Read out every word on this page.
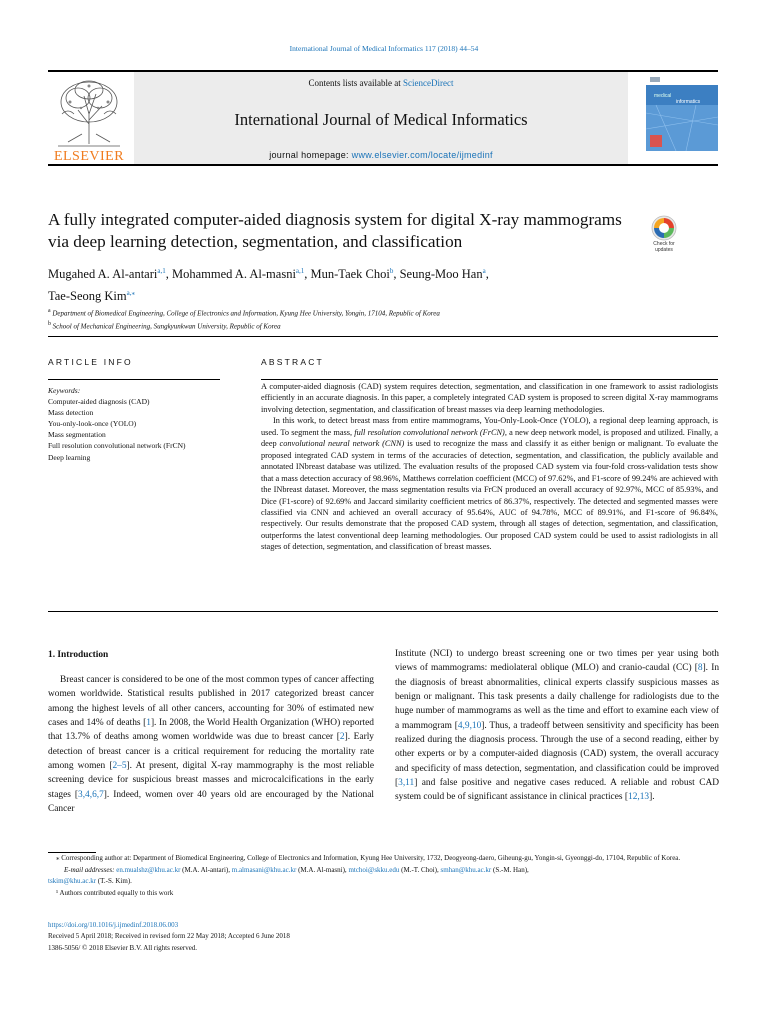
International Journal of Medical Informatics 117 (2018) 44–54
Contents lists available at ScienceDirect
International Journal of Medical Informatics
journal homepage: www.elsevier.com/locate/ijmedinf
ELSEVIER
medical
informatics
A fully integrated computer-aided diagnosis system for digital X-ray mammograms via deep learning detection, segmentation, and classification	Check for
updates
Mugahed A. Al-antari$^{a,1}$, Mohammed A. Al-masni$^{a,1}$, Mun-Taek Choi$^b$, Seung-Moo Han$^a$,
Tae-Seong Kim$^{a,⁎}$
$^a$ Department of Biomedical Engineering, College of Electronics and Information, Kyung Hee University, Yongin, 17104, Republic of Korea
$^b$ School of Mechanical Engineering, Sungkyunkwan University, Republic of Korea
ARTICLE INFO	ABSTRACT
Keywords:
Computer-aided diagnosis (CAD)
Mass detection
You-only-look-once (YOLO)
Mass segmentation
Full resolution convolutional network (FrCN)
Deep learning

A computer-aided diagnosis (CAD) system requires detection, segmentation, and classification in one framework to assist radiologists efficiently in an accurate diagnosis. In this paper, a completely integrated CAD system is proposed to screen digital X-ray mammograms involving detection, segmentation, and classification of breast masses via deep learning methodologies.

In this work, to detect breast mass from entire mammograms, You-Only-Look-Once (YOLO), a regional deep learning approach, is used. To segment the mass, full resolution convolutional network (FrCN), a new deep network model, is proposed and utilized. Finally, a deep convolutional neural network (CNN) is used to recognize the mass and classify it as either benign or malignant. To evaluate the proposed integrated CAD system in terms of the accuracies of detection, segmentation, and classification, the publicly available and annotated INbreast database was utilized. The evaluation results of the proposed CAD system via four-fold cross-validation tests show that a mass detection accuracy of 98.96%, Matthews correlation coefficient (MCC) of 97.62%, and F1-score of 99.24% are achieved with the INbreast dataset. Moreover, the mass segmentation results via FrCN produced an overall accuracy of 92.97%, MCC of 85.93%, and Dice (F1-score) of 92.69% and Jaccard similarity coefficient metrics of 86.37%, respectively. The detected and segmented masses were classified via CNN and achieved an overall accuracy of 95.64%, AUC of 94.78%, MCC of 89.91%, and F1-score of 96.84%, respectively. Our results demonstrate that the proposed CAD system, through all stages of detection, segmentation, and classification, outperforms the latest conventional deep learning methodologies. Our proposed CAD system could be used to assist radiologists in all stages of detection, segmentation, and classification of breast masses.

1. Introduction
Breast cancer is considered to be one of the most common types of cancer affecting women worldwide. Statistical results published in 2017 categorized breast cancer among the highest levels of all other cancers, accounting for 30% of estimated new cases and 14% of deaths [1]. In 2008, the World Health Organization (WHO) reported that 13.7% of deaths among women worldwide was due to breast cancer [2]. Early detection of breast cancer is a critical requirement for reducing the mortality rate among women [2–5]. At present, digital X-ray mammography is the most reliable screening device for suspicious breast masses and microcalcifications in the early stages [3,4,6,7]. Indeed, women over 40 years old are encouraged by the National Cancer
Institute (NCI) to undergo breast screening one or two times per year using both views of mammograms: mediolateral oblique (MLO) and cranio-caudal (CC) [8]. In the diagnosis of breast abnormalities, clinical experts classify suspicious masses as benign or malignant. This task presents a daily challenge for radiologists due to the huge number of mammograms as well as the time and effort to examine each view of a mammogram [4,9,10]. Thus, a tradeoff between sensitivity and specificity has been realized during the diagnosis process. Through the use of a second reading, either by other experts or by a computer-aided diagnosis (CAD) system, the overall accuracy and specificity of mass detection, segmentation, and classification could be improved [3,11] and false positive and negative cases reduced. A reliable and robust CAD system could be of significant assistance in clinical practices [12,13].

⁎ Corresponding author at: Department of Biomedical Engineering, College of Electronics and Information, Kyung Hee University, 1732, Deogyeong-daero, Giheung-gu, Yongin-si, Gyeonggi-do, 17104, Republic of Korea.

E-mail addresses: en.mualshz@khu.ac.kr (M.A. Al-antari), m.almasani@khu.ac.kr (M.A. Al-masni), mtchoi@skku.edu (M.-T. Choi), smhan@khu.ac.kr (S.-M. Han),
tskim@khu.ac.kr (T.-S. Kim).

¹ Authors contributed equally to this work

https://doi.org/10.1016/j.ijmedinf.2018.06.003

Received 5 April 2018; Received in revised form 22 May 2018; Accepted 6 June 2018

1386-5056/ © 2018 Elsevier B.V. All rights reserved.
